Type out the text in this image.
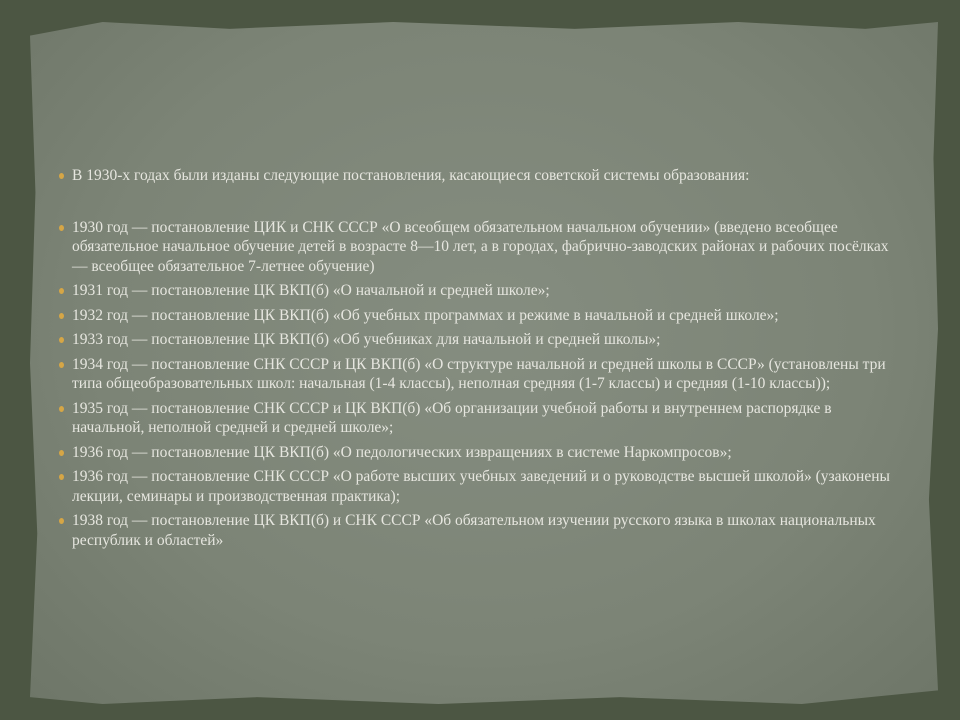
В 1930-х годах были изданы следующие постановления, касающиеся советской системы образования:
1930 год — постановление ЦИК и СНК СССР «О всеобщем обязательном начальном обучении» (введено всеобщее обязательное начальное обучение детей в возрасте 8—10 лет, а в городах, фабрично-заводских районах и рабочих посёлках — всеобщее обязательное 7-летнее обучение)
1931 год — постановление ЦК ВКП(б) «О начальной и средней школе»;
1932 год — постановление ЦК ВКП(б) «Об учебных программах и режиме в начальной и средней школе»;
1933 год — постановление ЦК ВКП(б) «Об учебниках для начальной и средней школы»;
1934 год — постановление СНК СССР и ЦК ВКП(б) «О структуре начальной и средней школы в СССР» (установлены три типа общеобразовательных школ: начальная (1-4 классы), неполная средняя (1-7 классы) и средняя (1-10 классы));
1935 год — постановление СНК СССР и ЦК ВКП(б) «Об организации учебной работы и внутреннем распорядке в начальной, неполной средней и средней школе»;
1936 год — постановление ЦК ВКП(б) «О педологических извращениях в системе Наркомпросов»;
1936 год — постановление СНК СССР «О работе высших учебных заведений и о руководстве высшей школой» (узаконены лекции, семинары и производственная практика);
1938 год — постановление ЦК ВКП(б) и СНК СССР «Об обязательном изучении русского языка в школах национальных республик и областей»
